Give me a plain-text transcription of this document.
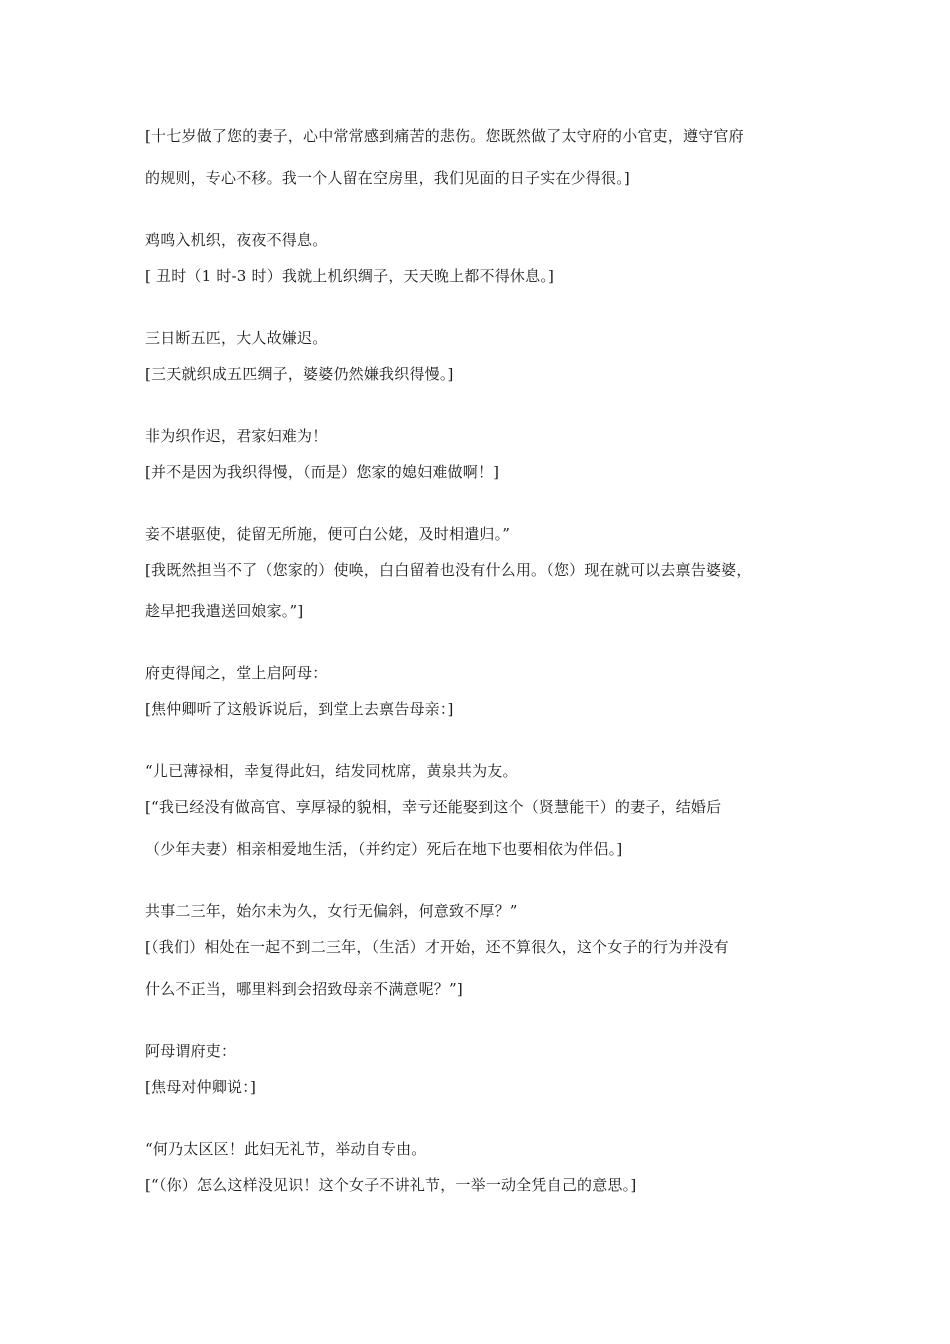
[十七岁做了您的妻子，心中常常感到痛苦的悲伤。您既然做了太守府的小官吏，遵守官府
的规则，专心不移。我一个人留在空房里，我们见面的日子实在少得很。]
鸡鸣入机织，夜夜不得息。
[ 丑时（1 时-3 时）我就上机织绸子，天天晚上都不得休息。]
三日断五匹，大人故嫌迟。
[三天就织成五匹绸子，婆婆仍然嫌我织得慢。]
非为织作迟，君家妇难为！
[并不是因为我织得慢，（而是）您家的媳妇难做啊！]
妾不堪驱使，徒留无所施，便可白公姥，及时相遣归。”
[我既然担当不了（您家的）使唤，白白留着也没有什么用。（您）现在就可以去禀告婆婆，
趁早把我遣送回娘家。”]
府吏得闻之，堂上启阿母：
[焦仲卿听了这般诉说后，到堂上去禀告母亲：]
“儿已薄禄相，幸复得此妇，结发同枕席，黄泉共为友。
[“我已经没有做高官、享厚禄的貌相，幸亏还能娶到这个（贤慧能干）的妻子，结婚后
（少年夫妻）相亲相爱地生活，（并约定）死后在地下也要相依为伴侣。]
共事二三年，始尔未为久，女行无偏斜，何意致不厚？”
[（我们）相处在一起不到二三年，（生活）才开始，还不算很久，这个女子的行为并没有
什么不正当，哪里料到会招致母亲不满意呢？”]
阿母谓府吏：
[焦母对仲卿说：]
“何乃太区区！此妇无礼节，举动自专由。
[“（你）怎么这样没见识！这个女子不讲礼节，一举一动全凭自己的意思。]
